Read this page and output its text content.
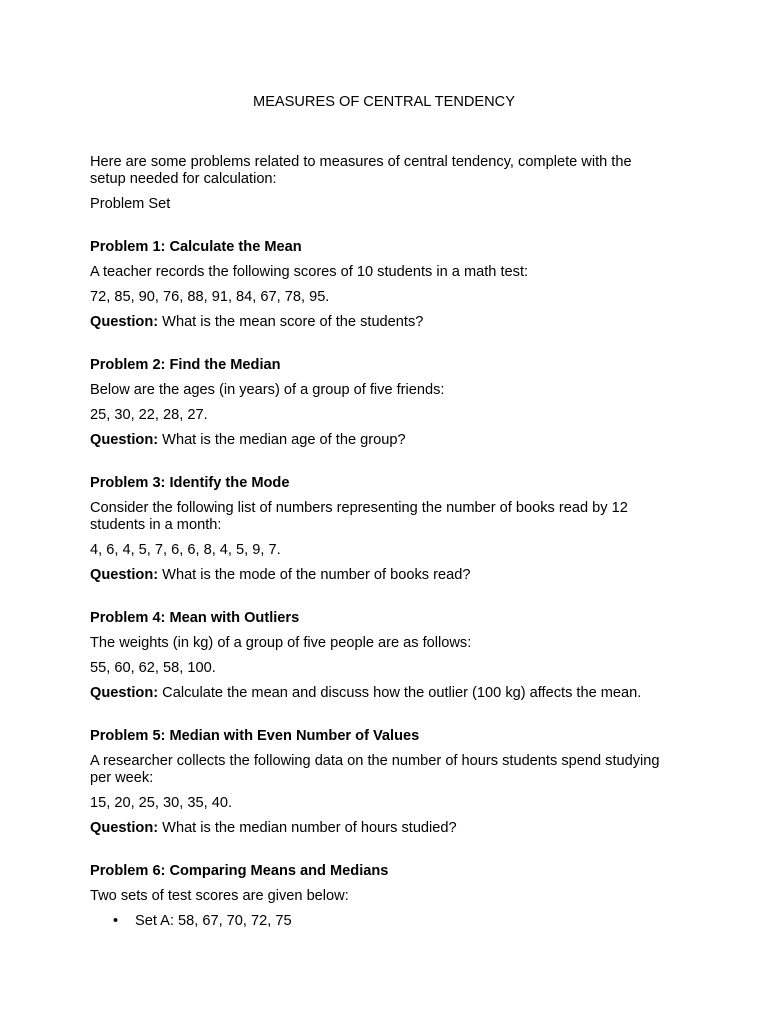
MEASURES OF CENTRAL TENDENCY

Here are some problems related to measures of central tendency, complete with the setup needed for calculation:

Problem Set

Problem 1: Calculate the Mean

A teacher records the following scores of 10 students in a math test:

72, 85, 90, 76, 88, 91, 84, 67, 78, 95.

Question: What is the mean score of the students?

Problem 2: Find the Median

Below are the ages (in years) of a group of five friends:

25, 30, 22, 28, 27.

Question: What is the median age of the group?

Problem 3: Identify the Mode

Consider the following list of numbers representing the number of books read by 12 students in a month:

4, 6, 4, 5, 7, 6, 6, 8, 4, 5, 9, 7.

Question: What is the mode of the number of books read?

Problem 4: Mean with Outliers

The weights (in kg) of a group of five people are as follows:

55, 60, 62, 58, 100.

Question: Calculate the mean and discuss how the outlier (100 kg) affects the mean.

Problem 5: Median with Even Number of Values

A researcher collects the following data on the number of hours students spend studying per week:

15, 20, 25, 30, 35, 40.

Question: What is the median number of hours studied?

Problem 6: Comparing Means and Medians

Two sets of test scores are given below:

• Set A: 58, 67, 70, 72, 75
